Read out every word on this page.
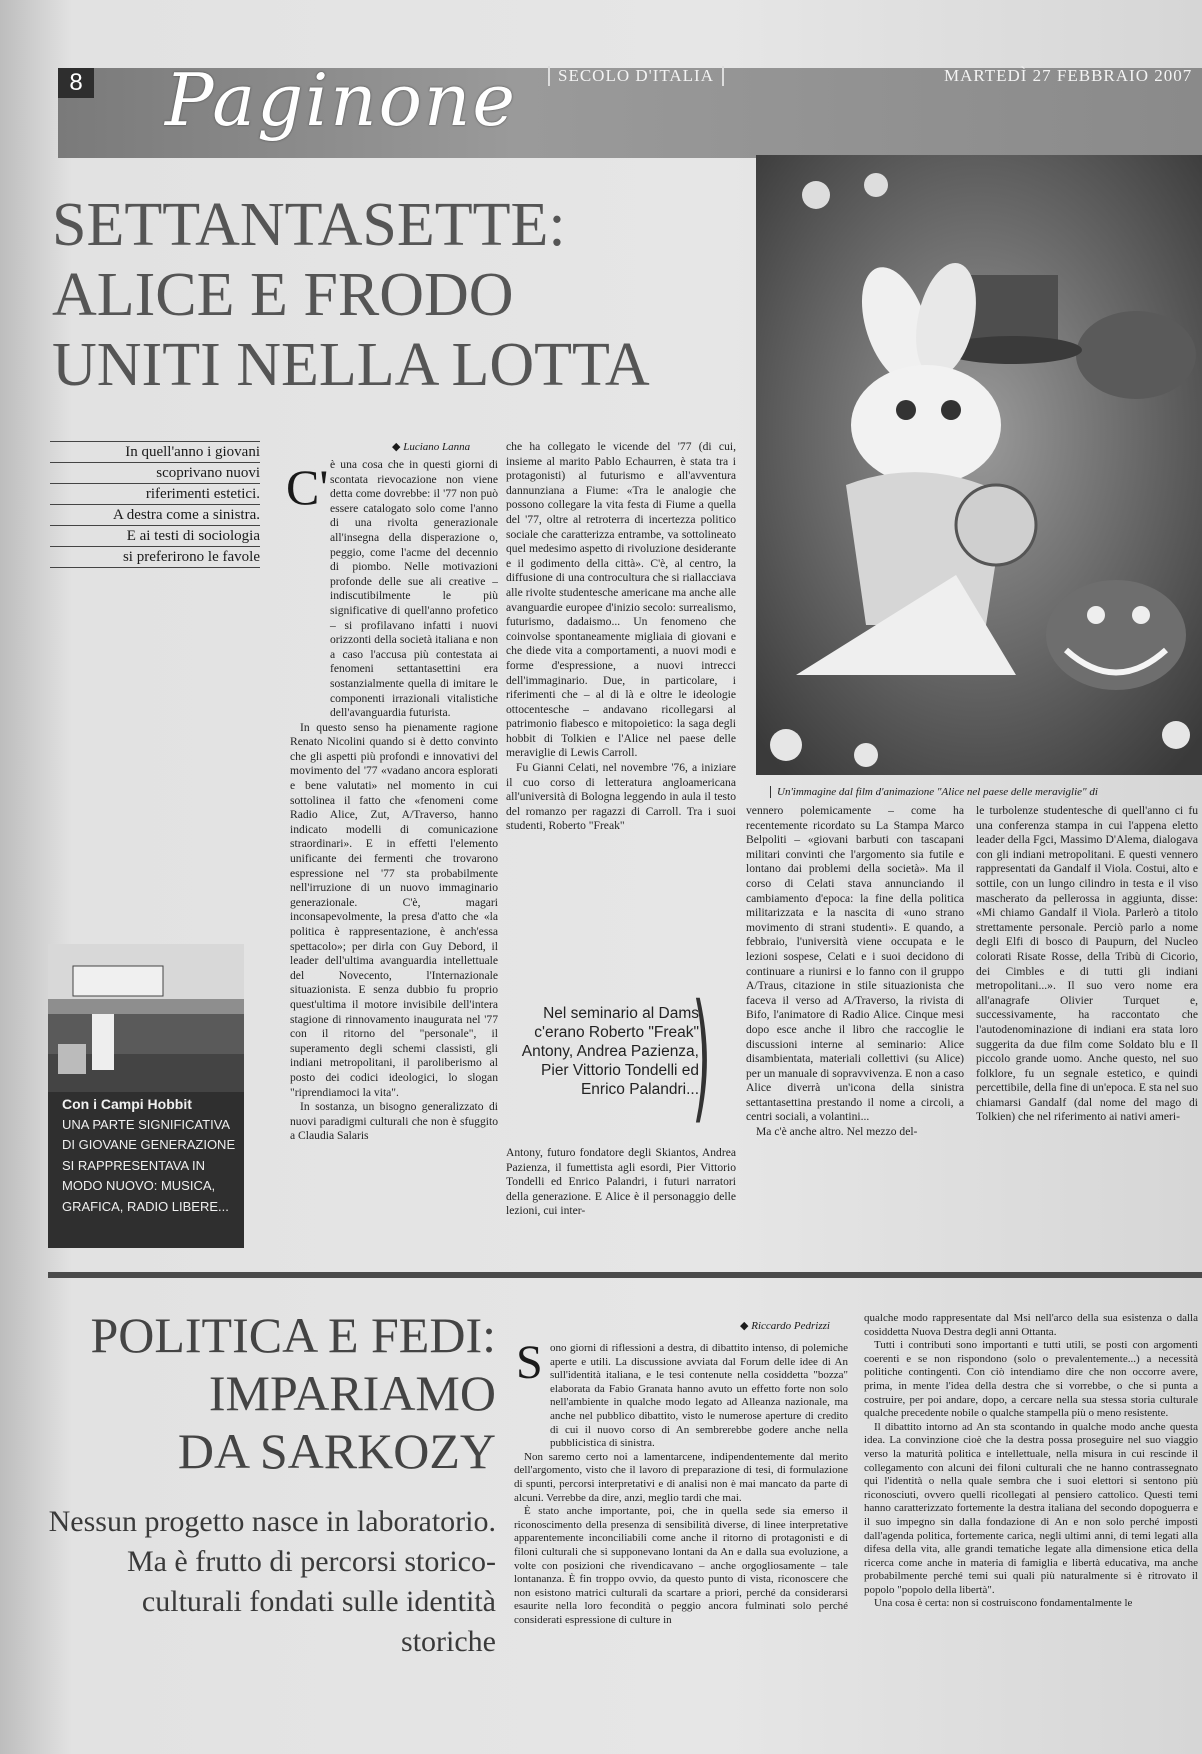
8 Paginone	SECOLO D'ITALIA	MARTEDÌ 27 FEBBRAIO 2007
SETTANTASETTE:
ALICE E FRODO
UNITI NELLA LOTTA
Un'immagine dal film d'animazione "Alice nel paese delle meraviglie" di
In quell'anno i giovani
scoprivano nuovi
riferimenti estetici.
A destra come a sinistra.
E ai testi di sociologia
si preferirono le favole
◆ Luciano Lanna
C' è una cosa che in questi giorni di scontata rievocazione non viene detta come dovrebbe: il '77 non può essere catalogato solo come l'anno di una rivolta generazionale all'insegna della disperazione o, peggio, come l'acme del decennio di piombo. Nelle motivazioni profonde delle sue ali creative – indiscutibilmente le più significative di quell'anno profetico – si profilavano infatti i nuovi orizzonti della società italiana e non a caso l'accusa più contestata ai fenomeni settantasettini era sostanzialmente quella di imitare le componenti irrazionali vitalistiche dell'avanguardia futurista.

In questo senso ha pienamente ragione Renato Nicolini quando si è detto convinto che gli aspetti più profondi e innovativi del movimento del '77 «vadano ancora esplorati e bene valutati» nel momento in cui sottolinea il fatto che «fenomeni come Radio Alice, Zut, A/Traverso, hanno indicato modelli di comunicazione straordinari». E in effetti l'elemento unificante dei fermenti che trovarono espressione nel '77 sta probabilmente nell'irruzione di un nuovo immaginario generazionale. C'è, magari inconsapevolmente, la presa d'atto che «la politica è rappresentazione, è anch'essa spettacolo»; per dirla con Guy Debord, il leader dell'ultima avanguardia intellettuale del Novecento, l'Internazionale situazionista. E senza dubbio fu proprio quest'ultima il motore invisibile dell'intera stagione di rinnovamento inaugurata nel '77 con il ritorno del "personale", il superamento degli schemi classisti, gli indiani metropolitani, il paroliberismo al posto dei codici ideologici, lo slogan "riprendiamoci la vita".

In sostanza, un bisogno generalizzato di nuovi paradigmi culturali che non è sfuggito a Claudia Salaris

che ha collegato le vicende del '77 (di cui, insieme al marito Pablo Echaurren, è stata tra i protagonisti) al futurismo e all'avventura dannunziana a Fiume: «Tra le analogie che possono collegare la vita festa di Fiume a quella del '77, oltre al retroterra di incertezza politico sociale che caratterizza entrambe, va sottolineato quel medesimo aspetto di rivoluzione desiderante e il godimento della città». C'è, al centro, la diffusione di una controcultura che si riallacciava alle rivolte studentesche americane ma anche alle avanguardie europee d'inizio secolo: surrealismo, futurismo, dadaismo... Un fenomeno che coinvolse spontaneamente migliaia di giovani e che diede vita a comportamenti, a nuovi modi e forme d'espressione, a nuovi intrecci dell'immaginario. Due, in particolare, i riferimenti che – al di là e oltre le ideologie ottocentesche – andavano ricollegarsi al patrimonio fiabesco e mitopoietico: la saga degli hobbit di Tolkien e l'Alice nel paese delle meraviglie di Lewis Carroll.

Fu Gianni Celati, nel novembre '76, a iniziare il cuo corso di letteratura angloamericana all'università di Bologna leggendo in aula il testo del romanzo per ragazzi di Carroll. Tra i suoi studenti, Roberto "Freak"

Antony, futuro fondatore degli Skiantos, Andrea Pazienza, il fumettista agli esordi, Pier Vittorio Tondelli ed Enrico Palandri, i futuri narratori della generazione. E Alice è il personaggio delle lezioni, cui inter-

vennero polemicamente – come ha recentemente ricordato su La Stampa Marco Belpoliti – «giovani barbuti con tascapani militari convinti che l'argomento sia futile e lontano dai problemi della società». Ma il corso di Celati stava annunciando il cambiamento d'epoca: la fine della politica militarizzata e la nascita di «uno strano movimento di strani studenti». E quando, a febbraio, l'università viene occupata e le lezioni sospese, Celati e i suoi decidono di continuare a riunirsi e lo fanno con il gruppo A/Traus, citazione in stile situazionista che faceva il verso ad A/Traverso, la rivista di Bifo, l'animatore di Radio Alice. Cinque mesi dopo esce anche il libro che raccoglie le discussioni interne al seminario: Alice disambientata, materiali collettivi (su Alice) per un manuale di sopravvivenza. E non a caso Alice diverrà un'icona della sinistra settantasettina prestando il nome a circoli, a centri sociali, a volantini...

Ma c'è anche altro. Nel mezzo del-

le turbolenze studentesche di quell'anno ci fu una conferenza stampa in cui l'appena eletto leader della Fgci, Massimo D'Alema, dialogava con gli indiani metropolitani. E questi vennero rappresentati da Gandalf il Viola. Costui, alto e sottile, con un lungo cilindro in testa e il viso mascherato da pellerossa in aggiunta, disse: «Mi chiamo Gandalf il Viola. Parlerò a titolo strettamente personale. Perciò parlo a nome degli Elfi di bosco di Paupurn, del Nucleo colorati Risate Rosse, della Tribù di Cicorio, dei Cimbles e di tutti gli indiani metropolitani...». Il suo vero nome era all'anagrafe Olivier Turquet e, successivamente, ha raccontato che l'autodenominazione di indiani era stata loro suggerita da due film come Soldato blu e Il piccolo grande uomo. Anche questo, nel suo folklore, fu un segnale estetico, e quindi percettibile, della fine di un'epoca. E sta nel suo chiamarsi Gandalf (dal nome del mago di Tolkien) che nel riferimento ai nativi ameri-

Con i Campi Hobbit
UNA PARTE SIGNIFICATIVA DI GIOVANE GENERAZIONE SI RAPPRESENTAVA IN MODO NUOVO: MUSICA, GRAFICA, RADIO LIBERE...
Nel seminario al Dams c'erano Roberto "Freak" Antony, Andrea Pazienza, Pier Vittorio Tondelli ed Enrico Palandri...
)
POLITICA E FEDI:
IMPARIAMO
DA SARKOZY
Nessun progetto nasce in laboratorio. Ma è frutto di percorsi storico-culturali fondati sulle identità storiche
◆ Riccardo Pedrizzi
S ono giorni di riflessioni a destra, di dibattito intenso, di polemiche aperte e utili. La discussione avviata dal Forum delle idee di An sull'identità italiana, e le tesi contenute nella cosiddetta "bozza" elaborata da Fabio Granata hanno avuto un effetto forte non solo nell'ambiente in qualche modo legato ad Alleanza nazionale, ma anche nel pubblico dibattito, visto le numerose aperture di credito di cui il nuovo corso di An sembrerebbe godere anche nella pubblicistica di sinistra.

Non saremo certo noi a lamentarcene, indipendentemente dal merito dell'argomento, visto che il lavoro di preparazione di tesi, di formulazione di spunti, percorsi interpretativi e di analisi non è mai mancato da parte di alcuni. Verrebbe da dire, anzi, meglio tardi che mai.

È stato anche importante, poi, che in quella sede sia emerso il riconoscimento della presenza di sensibilità diverse, di linee interpretative apparentemente inconciliabili come anche il ritorno di protagonisti e di filoni culturali che si supponevano lontani da An e dalla sua evoluzione, a volte con posizioni che rivendicavano – anche orgogliosamente – tale lontananza. È fin troppo ovvio, da questo punto di vista, riconoscere che non esistono matrici culturali da scartare a priori, perché da considerarsi esaurite nella loro fecondità o peggio ancora fulminati solo perché considerati espressione di culture in

qualche modo rappresentate dal Msi nell'arco della sua esistenza o dalla cosiddetta Nuova Destra degli anni Ottanta.

Tutti i contributi sono importanti e tutti utili, se posti con argomenti coerenti e se non rispondono (solo o prevalentemente...) a necessità politiche contingenti. Con ciò intendiamo dire che non occorre avere, prima, in mente l'idea della destra che si vorrebbe, o che si punta a costruire, per poi andare, dopo, a cercare nella sua stessa storia culturale qualche precedente nobile o qualche stampella più o meno resistente.

Il dibattito intorno ad An sta scontando in qualche modo anche questa idea. La convinzione cioè che la destra possa proseguire nel suo viaggio verso la maturità politica e intellettuale, nella misura in cui rescinde il collegamento con alcuni dei filoni culturali che ne hanno contrassegnato qui l'identità o nella quale sembra che i suoi elettori si sentono più riconosciuti, ovvero quelli ricollegati al pensiero cattolico. Questi temi hanno caratterizzato fortemente la destra italiana del secondo dopoguerra e il suo impegno sin dalla fondazione di An e non solo perché imposti dall'agenda politica, fortemente carica, negli ultimi anni, di temi legati alla difesa della vita, alle grandi tematiche legate alla dimensione etica della ricerca come anche in materia di famiglia e libertà educativa, ma anche probabilmente perché temi sui quali più naturalmente si è ritrovato il popolo "popolo della libertà".

Una cosa è certa: non si costruiscono fondamentalmente le
